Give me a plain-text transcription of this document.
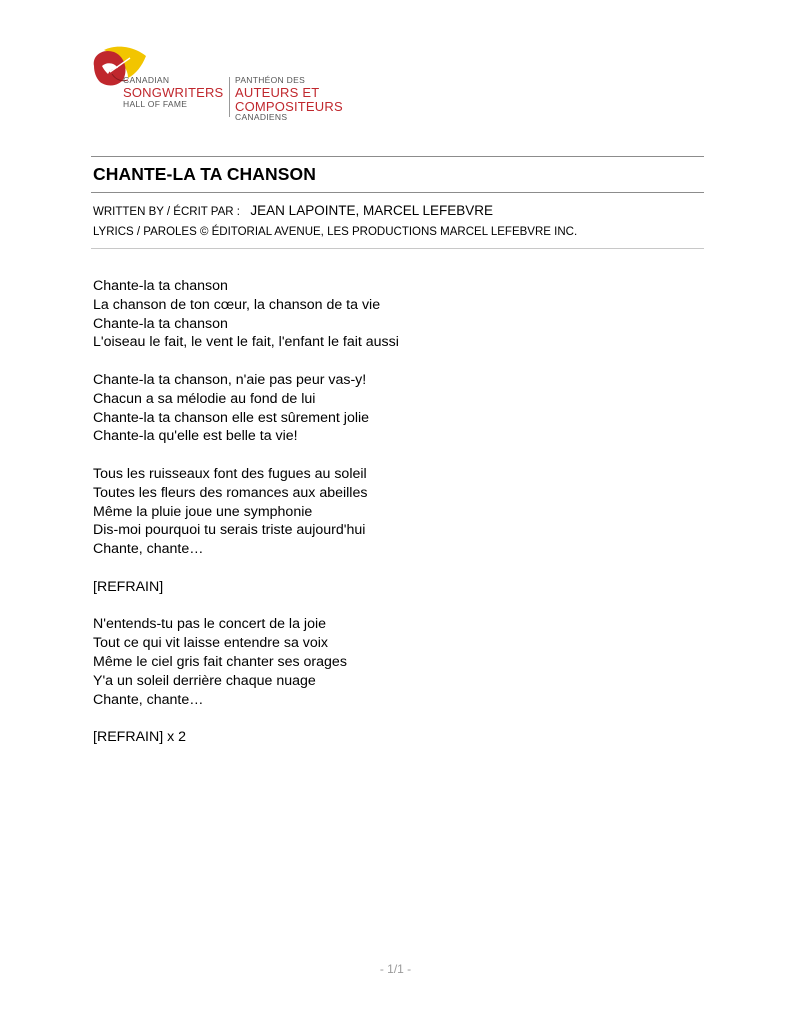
CANADIAN
SONGWRITERS
HALL OF FAME
PANTHÉON DES
AUTEURS ET
COMPOSITEURS
CANADIENS
CHANTE-LA TA CHANSON
WRITTEN BY / ÉCRIT PAR : JEAN LAPOINTE, MARCEL LEFEBVRE
LYRICS / PAROLES © ÉDITORIAL AVENUE, LES PRODUCTIONS MARCEL LEFEBVRE INC.
Chante-la ta chanson
La chanson de ton cœur, la chanson de ta vie
Chante-la ta chanson
L'oiseau le fait, le vent le fait, l'enfant le fait aussi
Chante-la ta chanson, n'aie pas peur vas-y!
Chacun a sa mélodie au fond de lui
Chante-la ta chanson elle est sûrement jolie
Chante-la qu'elle est belle ta vie!
Tous les ruisseaux font des fugues au soleil
Toutes les fleurs des romances aux abeilles
Même la pluie joue une symphonie
Dis-moi pourquoi tu serais triste aujourd'hui
Chante, chante…
[REFRAIN]
N'entends-tu pas le concert de la joie
Tout ce qui vit laisse entendre sa voix
Même le ciel gris fait chanter ses orages
Y'a un soleil derrière chaque nuage
Chante, chante…
[REFRAIN] x 2
- 1/1 -
